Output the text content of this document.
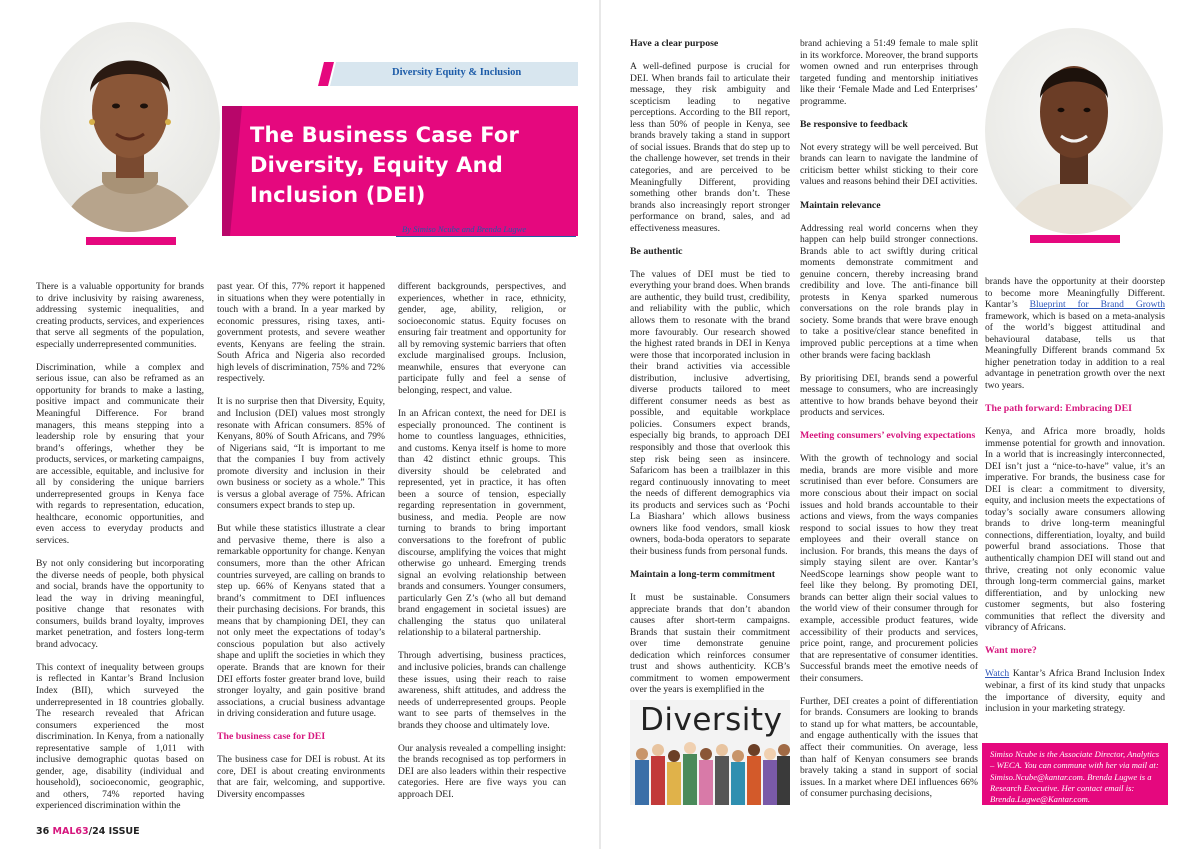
Diversity Equity & Inclusion
The Business Case For
Diversity, Equity And
Inclusion (DEI)
By Simiso Ncube and Brenda Lugwe

There is a valuable opportunity for brands to drive inclusivity by raising awareness, addressing systemic inequalities, and creating products, services, and experiences that serve all segments of the population, especially underrepresented communities.

Discrimination, while a complex and serious issue, can also be reframed as an opportunity for brands to make a lasting, positive impact and communicate their Meaningful Difference. For brand managers, this means stepping into a leadership role by ensuring that your brand’s offerings, whether they be products, services, or marketing campaigns, are accessible, equitable, and inclusive for all by considering the unique barriers underrepresented groups in Kenya face with regards to representation, education, healthcare, economic opportunities, and even access to everyday products and services.

By not only considering but incorporating the diverse needs of people, both physical and social, brands have the opportunity to lead the way in driving meaningful, positive change that resonates with consumers, builds brand loyalty, improves market penetration, and fosters long-term brand advocacy.

This context of inequality between groups is reflected in Kantar’s Brand Inclusion Index (BII), which surveyed the underrepresented in 18 countries globally. The research revealed that African consumers experienced the most discrimination. In Kenya, from a nationally representative sample of 1,011 with inclusive demographic quotas based on gender, age, disability (individual and household), socioeconomic, geographic, and others, 74% reported having experienced discrimination within the

past year. Of this, 77% report it happened in situations when they were potentially in touch with a brand. In a year marked by economic pressures, rising taxes, anti-government protests, and severe weather events, Kenyans are feeling the strain. South Africa and Nigeria also recorded high levels of discrimination, 75% and 72% respectively.

It is no surprise then that Diversity, Equity, and Inclusion (DEI) values most strongly resonate with African consumers. 85% of Kenyans, 80% of South Africans, and 79% of Nigerians said, “It is important to me that the companies I buy from actively promote diversity and inclusion in their own business or society as a whole.” This is versus a global average of 75%. African consumers expect brands to step up.

But while these statistics illustrate a clear and pervasive theme, there is also a remarkable opportunity for change. Kenyan consumers, more than the other African countries surveyed, are calling on brands to step up. 66% of Kenyans stated that a brand’s commitment to DEI influences their purchasing decisions. For brands, this means that by championing DEI, they can not only meet the expectations of today’s conscious population but also actively shape and uplift the societies in which they operate. Brands that are known for their DEI efforts foster greater brand love, build stronger loyalty, and gain positive brand associations, a crucial business advantage in driving consideration and future usage.

The business case for DEI

The business case for DEI is robust. At its core, DEI is about creating environments that are fair, welcoming, and supportive. Diversity encompasses

different backgrounds, perspectives, and experiences, whether in race, ethnicity, gender, age, ability, religion, or socioeconomic status. Equity focuses on ensuring fair treatment and opportunity for all by removing systemic barriers that often exclude marginalised groups. Inclusion, meanwhile, ensures that everyone can participate fully and feel a sense of belonging, respect, and value.

In an African context, the need for DEI is especially pronounced. The continent is home to countless languages, ethnicities, and customs. Kenya itself is home to more than 42 distinct ethnic groups. This diversity should be celebrated and represented, yet in practice, it has often been a source of tension, especially regarding representation in government, business, and media. People are now turning to brands to bring important conversations to the forefront of public discourse, amplifying the voices that might otherwise go unheard. Emerging trends signal an evolving relationship between brands and consumers. Younger consumers, particularly Gen Z’s (who all but demand brand engagement in societal issues) are challenging the status quo unilateral relationship to a bilateral partnership.

Through advertising, business practices, and inclusive policies, brands can challenge these issues, using their reach to raise awareness, shift attitudes, and address the needs of underrepresented groups. People want to see parts of themselves in the brands they choose and ultimately love.

Our analysis revealed a compelling insight: the brands recognised as top performers in DEI are also leaders within their respective categories. Here are five ways you can approach DEI.

Have a clear purpose

A well-defined purpose is crucial for DEI. When brands fail to articulate their message, they risk ambiguity and scepticism leading to negative perceptions. According to the BII report, less than 50% of people in Kenya, see brands bravely taking a stand in support of social issues. Brands that do step up to the challenge however, set trends in their categories, and are perceived to be Meaningfully Different, providing something other brands don’t. These brands also increasingly report stronger performance on brand, sales, and ad effectiveness measures.

Be authentic

The values of DEI must be tied to everything your brand does. When brands are authentic, they build trust, credibility, and reliability with the public, which allows them to resonate with the brand more favourably. Our research showed the highest rated brands in DEI in Kenya were those that incorporated inclusion in their brand activities via accessible distribution, inclusive advertising, diverse products tailored to meet different consumer needs as best as possible, and equitable workplace policies. Consumers expect brands, especially big brands, to approach DEI responsibly and those that overlook this step risk being seen as insincere. Safaricom has been a trailblazer in this regard continuously innovating to meet the needs of different demographics via its products and services such as ‘Pochi La Biashara’ which allows business owners like food vendors, small kiosk owners, boda-boda operators to separate their business funds from personal funds.

Maintain a long-term commitment

It must be sustainable. Consumers appreciate brands that don’t abandon causes after short-term campaigns. Brands that sustain their commitment over time demonstrate genuine dedication which reinforces consumer trust and shows authenticity. KCB’s commitment to women empowerment over the years is exemplified in the

Diversity

brand achieving a 51:49 female to male split in its workforce. Moreover, the brand supports women owned and run enterprises through targeted funding and mentorship initiatives like their ‘Female Made and Led Enterprises’ programme.

Be responsive to feedback

Not every strategy will be well perceived. But brands can learn to navigate the landmine of criticism better whilst sticking to their core values and reasons behind their DEI activities.

Maintain relevance

Addressing real world concerns when they happen can help build stronger connections. Brands able to act swiftly during critical moments demonstrate commitment and genuine concern, thereby increasing brand credibility and love. The anti-finance bill protests in Kenya sparked numerous conversations on the role brands play in society. Some brands that were brave enough to take a positive/clear stance benefited in improved public perceptions at a time when other brands were facing backlash

By prioritising DEI, brands send a powerful message to consumers, who are increasingly attentive to how brands behave beyond their products and services.

Meeting consumers’ evolving expectations

With the growth of technology and social media, brands are more visible and more scrutinised than ever before. Consumers are more conscious about their impact on social issues and hold brands accountable to their actions and views, from the ways companies respond to social issues to how they treat employees and their overall stance on inclusion. For brands, this means the days of simply staying silent are over. Kantar’s NeedScope learnings show people want to feel like they belong. By promoting DEI, brands can better align their social values to the world view of their consumer through for example, accessible product features, wide accessibility of their products and services, price point, range, and procurement policies that are representative of consumer identities. Successful brands meet the emotive needs of their consumers.

Further, DEI creates a point of differentiation for brands. Consumers are looking to brands to stand up for what matters, be accountable, and engage authentically with the issues that affect their communities. On average, less than half of Kenyan consumers see brands bravely taking a stand in support of social issues. In a market where DEI influences 66% of consumer purchasing decisions,

brands have the opportunity at their doorstep to become more Meaningfully Different. Kantar’s Blueprint for Brand Growth framework, which is based on a meta-analysis of the world’s biggest attitudinal and behavioural database, tells us that Meaningfully Different brands command 5x higher penetration today in addition to a real advantage in penetration growth over the next two years.

The path forward: Embracing DEI

Kenya, and Africa more broadly, holds immense potential for growth and innovation. In a world that is increasingly interconnected, DEI isn’t just a “nice-to-have” value, it’s an imperative. For brands, the business case for DEI is clear: a commitment to diversity, equity, and inclusion meets the expectations of today’s socially aware consumers allowing brands to drive long-term meaningful connections, differentiation, loyalty, and build powerful brand associations. Those that authentically champion DEI will stand out and thrive, creating not only economic value through long-term commercial gains, market differentiation, and by unlocking new customer segments, but also fostering communities that reflect the diversity and vibrancy of Africans.

Want more?

Watch Kantar’s Africa Brand Inclusion Index webinar, a first of its kind study that unpacks the importance of diversity, equity and inclusion in your marketing strategy.

Simiso Ncube is the Associate Director, Analytics – WECA. You can commune with her via mail at: Simiso.Ncube@kantar.com. Brenda Lugwe is a Research Executive. Her contact email is: Brenda.Lugwe@Kantar.com.
36 MAL63/24 ISSUE
